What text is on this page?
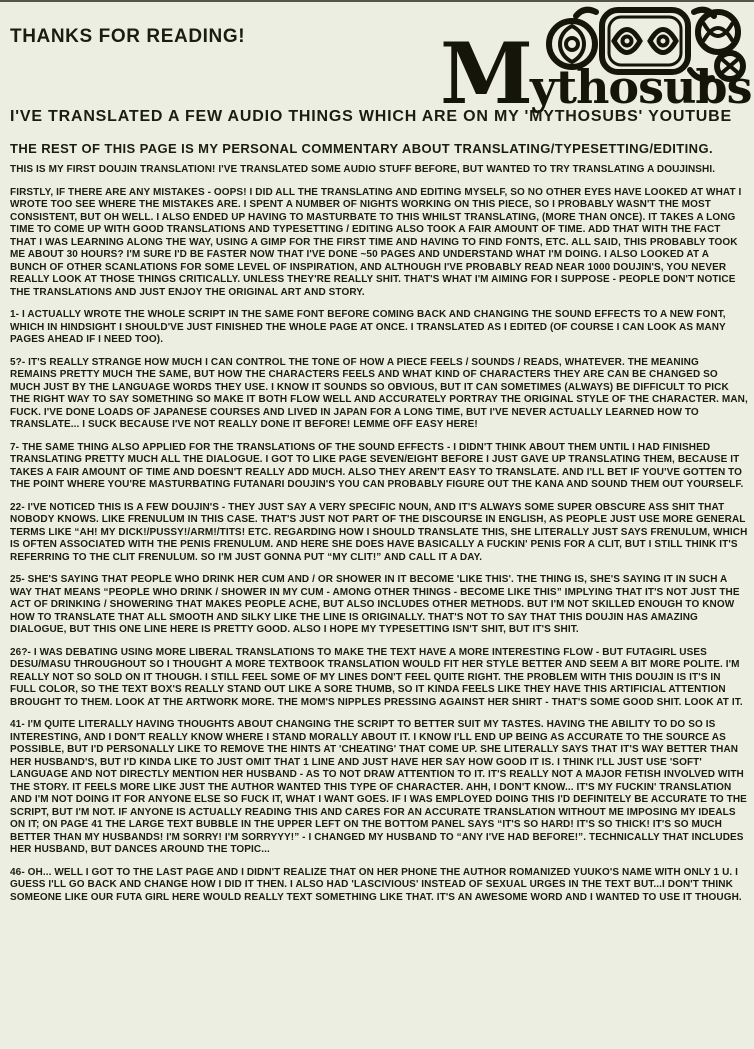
THANKS FOR READING! Mythosubs
I'VE TRANSLATED A FEW AUDIO THINGS WHICH ARE ON MY 'MYTHOSUBS' YOUTUBE
THE REST OF THIS PAGE IS MY PERSONAL COMMENTARY ABOUT TRANSLATING/TYPESETTING/EDITING.

THIS IS MY FIRST DOUJIN TRANSLATION! I'VE TRANSLATED SOME AUDIO STUFF BEFORE, BUT WANTED TO TRY TRANSLATING A DOUJINSHI.

FIRSTLY, IF THERE ARE ANY MISTAKES - OOPS! I DID ALL THE TRANSLATING AND EDITING MYSELF, SO NO OTHER EYES HAVE LOOKED AT WHAT I WROTE TOO SEE WHERE THE MISTAKES ARE. I SPENT A NUMBER OF NIGHTS WORKING ON THIS PIECE, SO I PROBABLY WASN'T THE MOST CONSISTENT, BUT OH WELL. I ALSO ENDED UP HAVING TO MASTURBATE TO THIS WHILST TRANSLATING, (MORE THAN ONCE). IT TAKES A LONG TIME TO COME UP WITH GOOD TRANSLATIONS AND TYPESETTING / EDITING ALSO TOOK A FAIR AMOUNT OF TIME. ADD THAT WITH THE FACT THAT I WAS LEARNING ALONG THE WAY, USING A GIMP FOR THE FIRST TIME AND HAVING TO FIND FONTS, ETC. ALL SAID, THIS PROBABLY TOOK ME ABOUT 30 HOURS? I'M SURE I'D BE FASTER NOW THAT I'VE DONE ~50 PAGES AND UNDERSTAND WHAT I'M DOING. I ALSO LOOKED AT A BUNCH OF OTHER SCANLATIONS FOR SOME LEVEL OF INSPIRATION, AND ALTHOUGH I'VE PROBABLY READ NEAR 1000 DOUJIN'S, YOU NEVER REALLY LOOK AT THOSE THINGS CRITICALLY. UNLESS THEY'RE REALLY SHIT. THAT'S WHAT I'M AIMING FOR I SUPPOSE - PEOPLE DON'T NOTICE THE TRANSLATIONS AND JUST ENJOY THE ORIGINAL ART AND STORY.

1- I ACTUALLY WROTE THE WHOLE SCRIPT IN THE SAME FONT BEFORE COMING BACK AND CHANGING THE SOUND EFFECTS TO A NEW FONT, WHICH IN HINDSIGHT I SHOULD'VE JUST FINISHED THE WHOLE PAGE AT ONCE. I TRANSLATED AS I EDITED (OF COURSE I CAN LOOK AS MANY PAGES AHEAD IF I NEED TOO).

5?- IT'S REALLY STRANGE HOW MUCH I CAN CONTROL THE TONE OF HOW A PIECE FEELS / SOUNDS / READS, WHATEVER. THE MEANING REMAINS PRETTY MUCH THE SAME, BUT HOW THE CHARACTERS FEELS AND WHAT KIND OF CHARACTERS THEY ARE CAN BE CHANGED SO MUCH JUST BY THE LANGUAGE WORDS THEY USE. I KNOW IT SOUNDS SO OBVIOUS, BUT IT CAN SOMETIMES (ALWAYS) BE DIFFICULT TO PICK THE RIGHT WAY TO SAY SOMETHING SO MAKE IT BOTH FLOW WELL AND ACCURATELY PORTRAY THE ORIGINAL STYLE OF THE CHARACTER. MAN, FUCK. I'VE DONE LOADS OF JAPANESE COURSES AND LIVED IN JAPAN FOR A LONG TIME, BUT I'VE NEVER ACTUALLY LEARNED HOW TO TRANSLATE... I SUCK BECAUSE I'VE NOT REALLY DONE IT BEFORE! LEMME OFF EASY HERE!

7- THE SAME THING ALSO APPLIED FOR THE TRANSLATIONS OF THE SOUND EFFECTS - I DIDN'T THINK ABOUT THEM UNTIL I HAD FINISHED TRANSLATING PRETTY MUCH ALL THE DIALOGUE. I GOT TO LIKE PAGE SEVEN/EIGHT BEFORE I JUST GAVE UP TRANSLATING THEM, BECAUSE IT TAKES A FAIR AMOUNT OF TIME AND DOESN'T REALLY ADD MUCH. ALSO THEY AREN'T EASY TO TRANSLATE. AND I'LL BET IF YOU'VE GOTTEN TO THE POINT WHERE YOU'RE MASTURBATING FUTANARI DOUJIN'S YOU CAN PROBABLY FIGURE OUT THE KANA AND SOUND THEM OUT YOURSELF.

22- I'VE NOTICED THIS IS A FEW DOUJIN'S - THEY JUST SAY A VERY SPECIFIC NOUN, AND IT'S ALWAYS SOME SUPER OBSCURE ASS SHIT THAT NOBODY KNOWS. LIKE FRENULUM IN THIS CASE. THAT'S JUST NOT PART OF THE DISCOURSE IN ENGLISH, AS PEOPLE JUST USE MORE GENERAL TERMS LIKE “AH! MY DICK!/PUSSY!/ARM!/TITS! ETC. REGARDING HOW I SHOULD TRANSLATE THIS, SHE LITERALLY JUST SAYS FRENULUM, WHICH IS OFTEN ASSOCIATED WITH THE PENIS FRENULUM. AND HERE SHE DOES HAVE BASICALLY A FUCKIN' PENIS FOR A CLIT, BUT I STILL THINK IT'S REFERRING TO THE CLIT FRENULUM. SO I'M JUST GONNA PUT “MY CLIT!” AND CALL IT A DAY.

25- SHE'S SAYING THAT PEOPLE WHO DRINK HER CUM AND / OR SHOWER IN IT BECOME 'LIKE THIS'. THE THING IS, SHE'S SAYING IT IN SUCH A WAY THAT MEANS “PEOPLE WHO DRINK / SHOWER IN MY CUM - AMONG OTHER THINGS - BECOME LIKE THIS” IMPLYING THAT IT'S NOT JUST THE ACT OF DRINKING / SHOWERING THAT MAKES PEOPLE ACHE, BUT ALSO INCLUDES OTHER METHODS. BUT I'M NOT SKILLED ENOUGH TO KNOW HOW TO TRANSLATE THAT ALL SMOOTH AND SILKY LIKE THE LINE IS ORIGINALLY. THAT'S NOT TO SAY THAT THIS DOUJIN HAS AMAZING DIALOGUE, BUT THIS ONE LINE HERE IS PRETTY GOOD. ALSO I HOPE MY TYPESETTING ISN'T SHIT, BUT IT'S SHIT.

26?- I WAS DEBATING USING MORE LIBERAL TRANSLATIONS TO MAKE THE TEXT HAVE A MORE INTERESTING FLOW - BUT FUTAGIRL USES DESU/MASU THROUGHOUT SO I THOUGHT A MORE TEXTBOOK TRANSLATION WOULD FIT HER STYLE BETTER AND SEEM A BIT MORE POLITE. I'M REALLY NOT SO SOLD ON IT THOUGH. I STILL FEEL SOME OF MY LINES DON'T FEEL QUITE RIGHT. THE PROBLEM WITH THIS DOUJIN IS IT'S IN FULL COLOR, SO THE TEXT BOX'S REALLY STAND OUT LIKE A SORE THUMB, SO IT KINDA FEELS LIKE THEY HAVE THIS ARTIFICIAL ATTENTION BROUGHT TO THEM. LOOK AT THE ARTWORK MORE. THE MOM'S NIPPLES PRESSING AGAINST HER SHIRT - THAT'S SOME GOOD SHIT. LOOK AT IT.

41- I'M QUITE LITERALLY HAVING THOUGHTS ABOUT CHANGING THE SCRIPT TO BETTER SUIT MY TASTES. HAVING THE ABILITY TO DO SO IS INTERESTING, AND I DON'T REALLY KNOW WHERE I STAND MORALLY ABOUT IT. I KNOW I'LL END UP BEING AS ACCURATE TO THE SOURCE AS POSSIBLE, BUT I'D PERSONALLY LIKE TO REMOVE THE HINTS AT 'CHEATING' THAT COME UP. SHE LITERALLY SAYS THAT IT'S WAY BETTER THAN HER HUSBAND'S, BUT I'D KINDA LIKE TO JUST OMIT THAT 1 LINE AND JUST HAVE HER SAY HOW GOOD IT IS. I THINK I'LL JUST USE 'SOFT' LANGUAGE AND NOT DIRECTLY MENTION HER HUSBAND - AS TO NOT DRAW ATTENTION TO IT. IT'S REALLY NOT A MAJOR FETISH INVOLVED WITH THE STORY. IT FEELS MORE LIKE JUST THE AUTHOR WANTED THIS TYPE OF CHARACTER. AHH, I DON'T KNOW... IT'S MY FUCKIN' TRANSLATION AND I'M NOT DOING IT FOR ANYONE ELSE SO FUCK IT, WHAT I WANT GOES. IF I WAS EMPLOYED DOING THIS I'D DEFINITELY BE ACCURATE TO THE SCRIPT, BUT I'M NOT. IF ANYONE IS ACTUALLY READING THIS AND CARES FOR AN ACCURATE TRANSLATION WITHOUT ME IMPOSING MY IDEALS ON IT; ON PAGE 41 THE LARGE TEXT BUBBLE IN THE UPPER LEFT ON THE BOTTOM PANEL SAYS “IT'S SO HARD! IT'S SO THICK! IT'S SO MUCH BETTER THAN MY HUSBANDS! I'M SORRY! I'M SORRYYY!” - I CHANGED MY HUSBAND TO “ANY I'VE HAD BEFORE!”. TECHNICALLY THAT INCLUDES HER HUSBAND, BUT DANCES AROUND THE TOPIC...

46- OH... WELL I GOT TO THE LAST PAGE AND I DIDN'T REALIZE THAT ON HER PHONE THE AUTHOR ROMANIZED YUUKO'S NAME WITH ONLY 1 U. I GUESS I'LL GO BACK AND CHANGE HOW I DID IT THEN. I ALSO HAD 'LASCIVIOUS' INSTEAD OF SEXUAL URGES IN THE TEXT BUT...I DON'T THINK SOMEONE LIKE OUR FUTA GIRL HERE WOULD REALLY TEXT SOMETHING LIKE THAT. IT'S AN AWESOME WORD AND I WANTED TO USE IT THOUGH.
